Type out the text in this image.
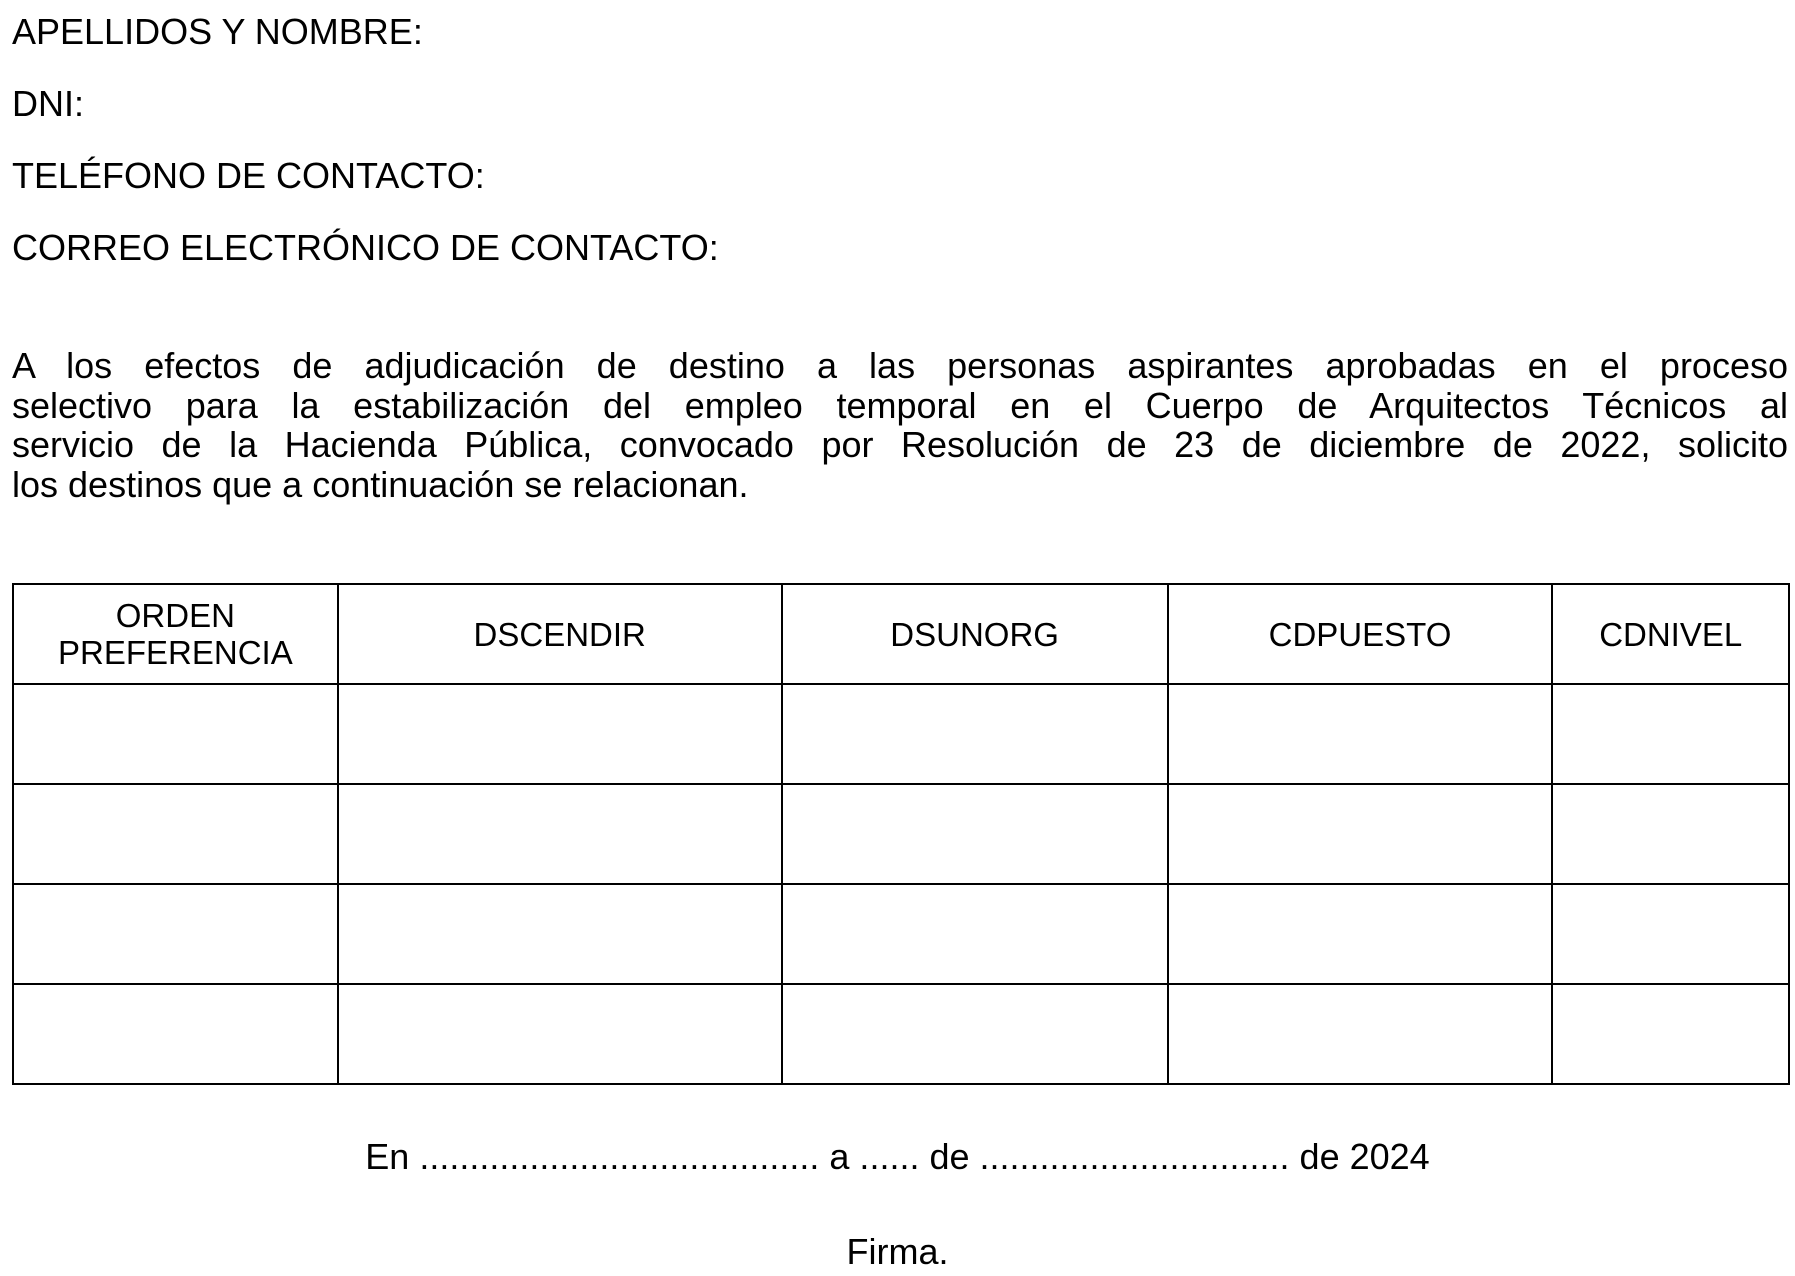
APELLIDOS Y NOMBRE:
DNI:
TELÉFONO DE CONTACTO:
CORREO ELECTRÓNICO DE CONTACTO:
A los efectos de adjudicación de destino a las personas aspirantes aprobadas en el proceso
selectivo para la estabilización del empleo temporal en el Cuerpo de Arquitectos Técnicos al
servicio de la Hacienda Pública, convocado por Resolución de 23 de diciembre de 2022, solicito
los destinos que a continuación se relacionan.
ORDEN
PREFERENCIA	DSCENDIR	DSUNORG	CDPUESTO	CDNIVEL

En ........................................ a ...... de ............................... de 2024
Firma.
